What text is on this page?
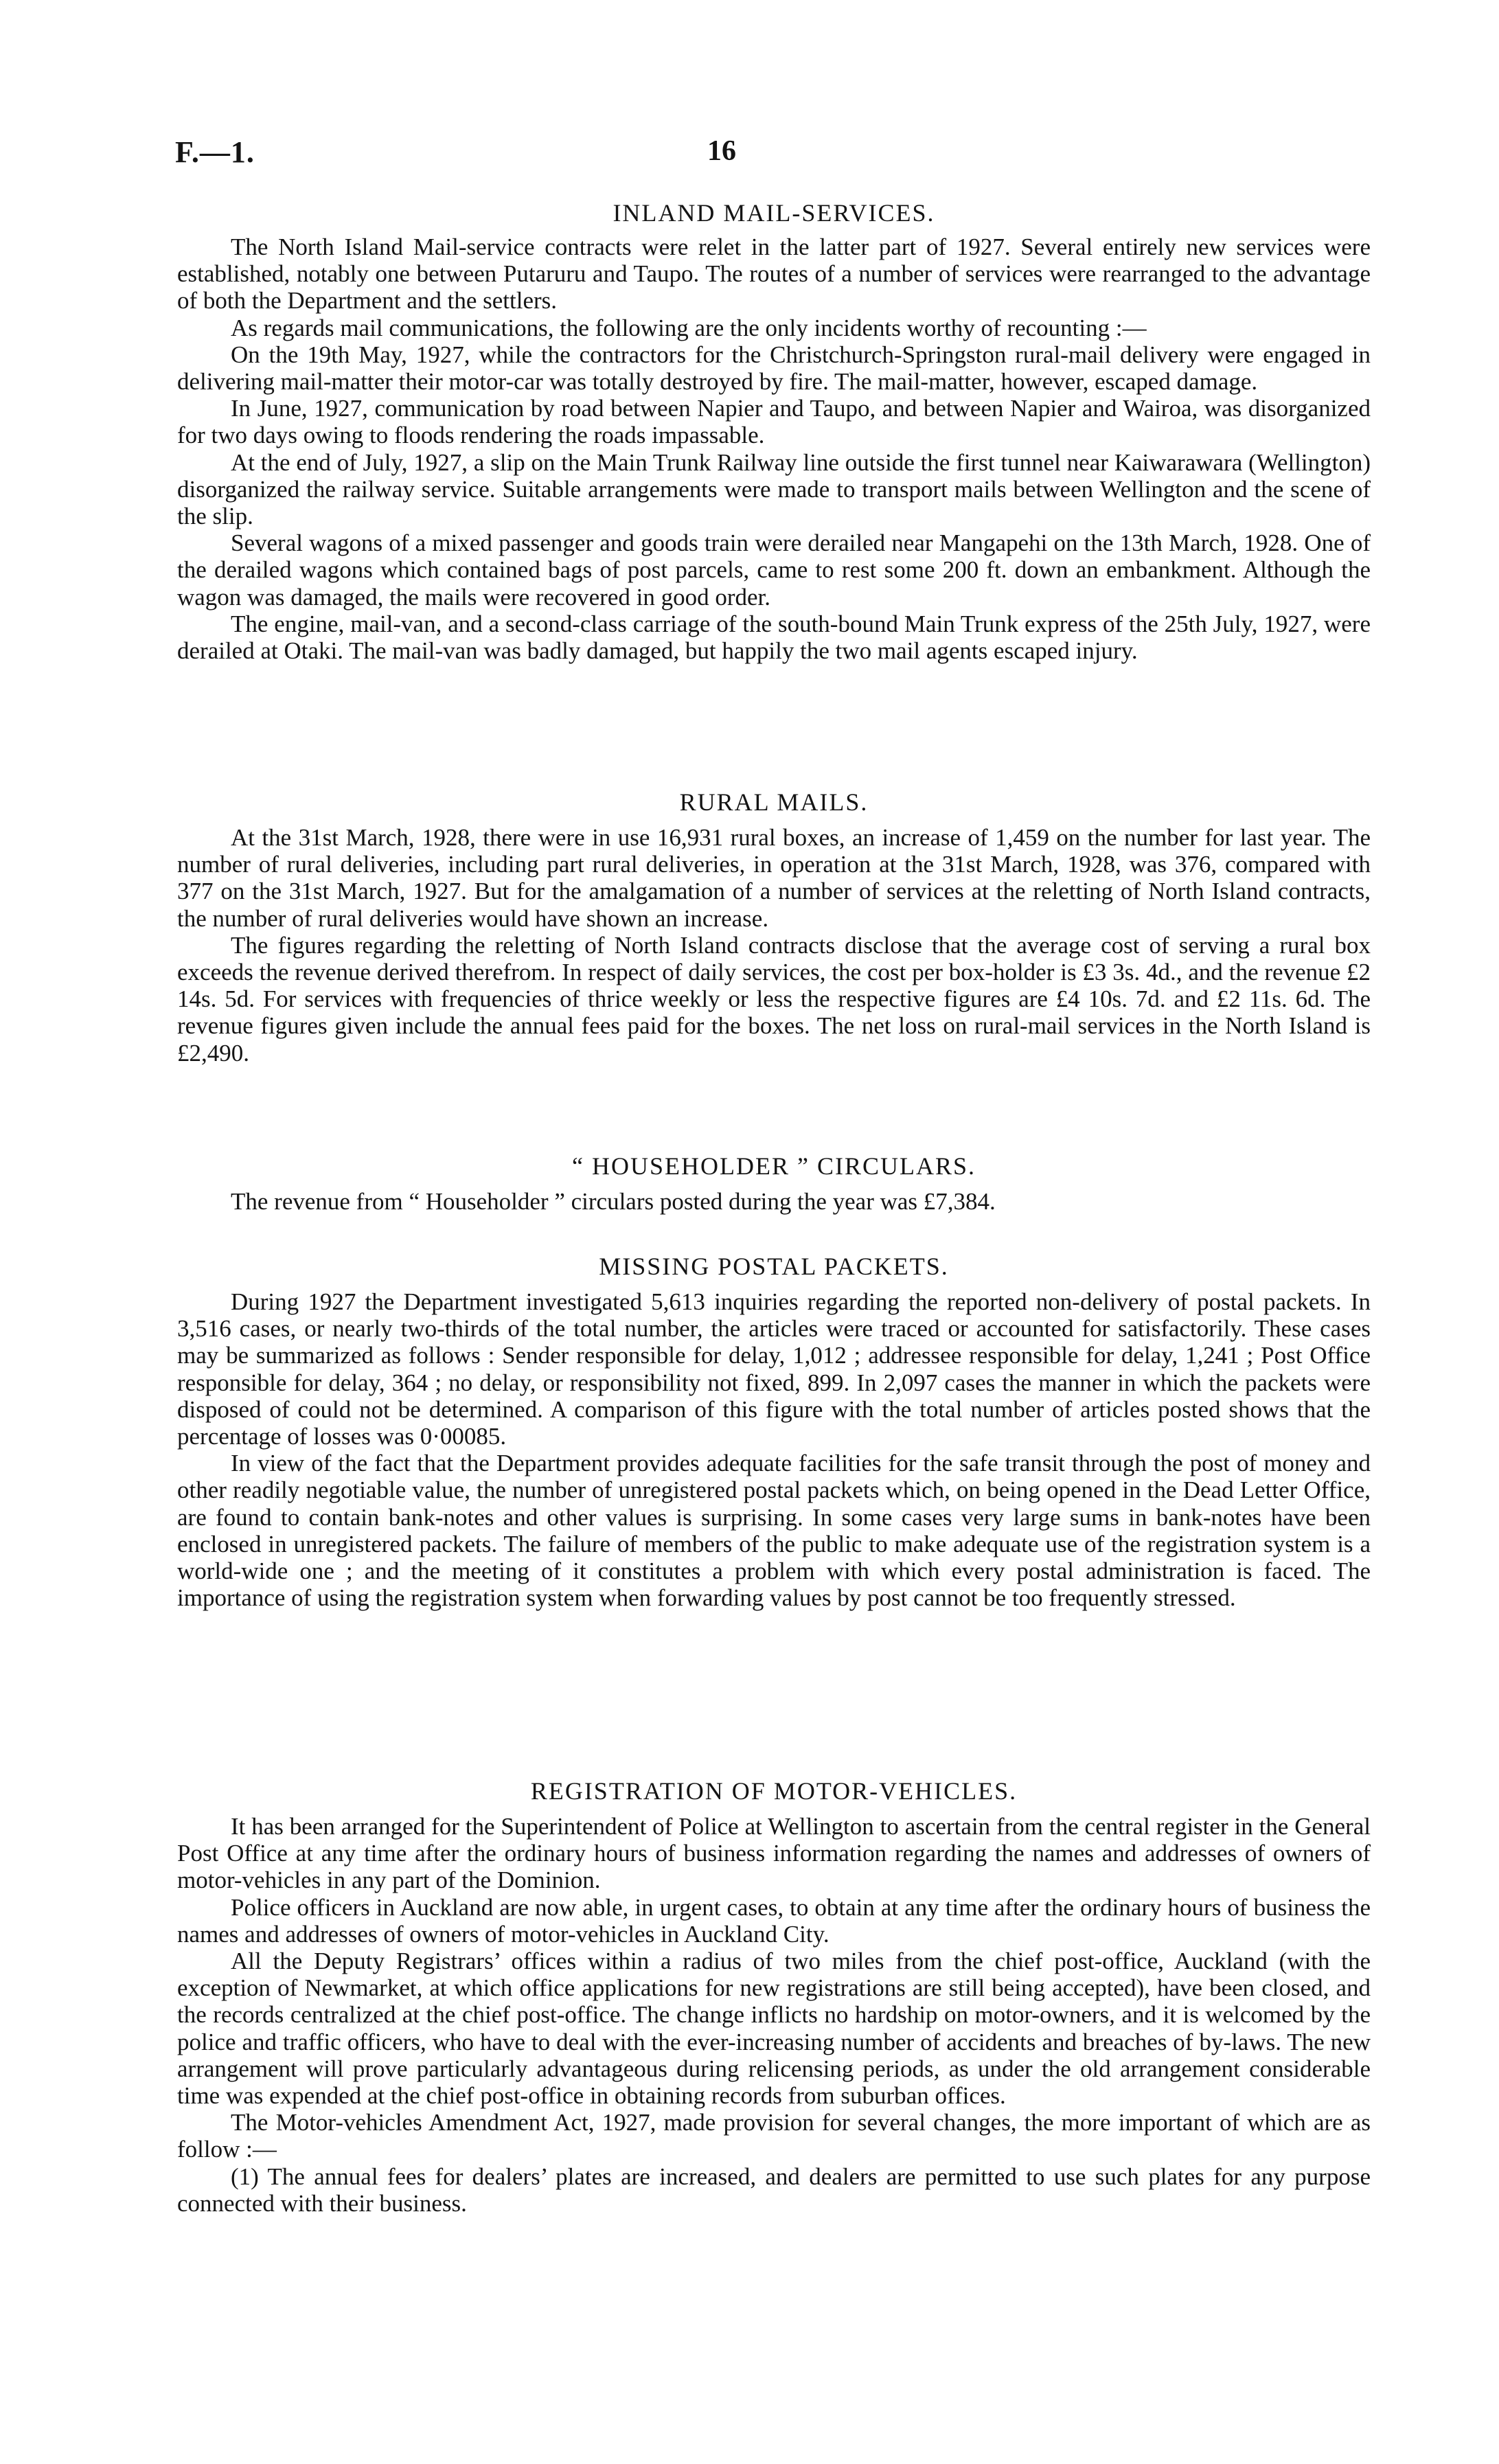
F.—1.	16
INLAND MAIL-SERVICES.

The North Island Mail-service contracts were relet in the latter part of 1927. Several entirely new services were established, notably one between Putaruru and Taupo. The routes of a number of services were rearranged to the advantage of both the Department and the settlers.

As regards mail communications, the following are the only incidents worthy of recounting :—

On the 19th May, 1927, while the contractors for the Christchurch-Springston rural-mail delivery were engaged in delivering mail-matter their motor-car was totally destroyed by fire. The mail-matter, however, escaped damage.

In June, 1927, communication by road between Napier and Taupo, and between Napier and Wairoa, was disorganized for two days owing to floods rendering the roads impassable.

At the end of July, 1927, a slip on the Main Trunk Railway line outside the first tunnel near Kaiwarawara (Wellington) disorganized the railway service. Suitable arrangements were made to transport mails between Wellington and the scene of the slip.

Several wagons of a mixed passenger and goods train were derailed near Mangapehi on the 13th March, 1928. One of the derailed wagons which contained bags of post parcels, came to rest some 200 ft. down an embankment. Although the wagon was damaged, the mails were recovered in good order.

The engine, mail-van, and a second-class carriage of the south-bound Main Trunk express of the 25th July, 1927, were derailed at Otaki. The mail-van was badly damaged, but happily the two mail agents escaped injury.

RURAL MAILS.

At the 31st March, 1928, there were in use 16,931 rural boxes, an increase of 1,459 on the number for last year. The number of rural deliveries, including part rural deliveries, in operation at the 31st March, 1928, was 376, compared with 377 on the 31st March, 1927. But for the amalgamation of a number of services at the reletting of North Island contracts, the number of rural deliveries would have shown an increase.

The figures regarding the reletting of North Island contracts disclose that the average cost of serving a rural box exceeds the revenue derived therefrom. In respect of daily services, the cost per box-holder is £3 3s. 4d., and the revenue £2 14s. 5d. For services with frequencies of thrice weekly or less the respective figures are £4 10s. 7d. and £2 11s. 6d. The revenue figures given include the annual fees paid for the boxes. The net loss on rural-mail services in the North Island is £2,490.

“ HOUSEHOLDER ” CIRCULARS.

The revenue from “ Householder ” circulars posted during the year was £7,384.

MISSING POSTAL PACKETS.

During 1927 the Department investigated 5,613 inquiries regarding the reported non-delivery of postal packets. In 3,516 cases, or nearly two-thirds of the total number, the articles were traced or accounted for satisfactorily. These cases may be summarized as follows : Sender responsible for delay, 1,012 ; addressee responsible for delay, 1,241 ; Post Office responsible for delay, 364 ; no delay, or responsibility not fixed, 899. In 2,097 cases the manner in which the packets were disposed of could not be determined. A comparison of this figure with the total number of articles posted shows that the percentage of losses was 0·00085.

In view of the fact that the Department provides adequate facilities for the safe transit through the post of money and other readily negotiable value, the number of unregistered postal packets which, on being opened in the Dead Letter Office, are found to contain bank-notes and other values is surprising. In some cases very large sums in bank-notes have been enclosed in unregistered packets. The failure of members of the public to make adequate use of the registration system is a world-wide one ; and the meeting of it constitutes a problem with which every postal administration is faced. The importance of using the registration system when forwarding values by post cannot be too frequently stressed.

REGISTRATION OF MOTOR-VEHICLES.

It has been arranged for the Superintendent of Police at Wellington to ascertain from the central register in the General Post Office at any time after the ordinary hours of business information regarding the names and addresses of owners of motor-vehicles in any part of the Dominion.

Police officers in Auckland are now able, in urgent cases, to obtain at any time after the ordinary hours of business the names and addresses of owners of motor-vehicles in Auckland City.

All the Deputy Registrars’ offices within a radius of two miles from the chief post-office, Auckland (with the exception of Newmarket, at which office applications for new registrations are still being accepted), have been closed, and the records centralized at the chief post-office. The change inflicts no hardship on motor-owners, and it is welcomed by the police and traffic officers, who have to deal with the ever-increasing number of accidents and breaches of by-laws. The new arrangement will prove particularly advantageous during relicensing periods, as under the old arrangement considerable time was expended at the chief post-office in obtaining records from suburban offices.

The Motor-vehicles Amendment Act, 1927, made provision for several changes, the more important of which are as follow :—

(1) The annual fees for dealers’ plates are increased, and dealers are permitted to use such plates for any purpose connected with their business.
